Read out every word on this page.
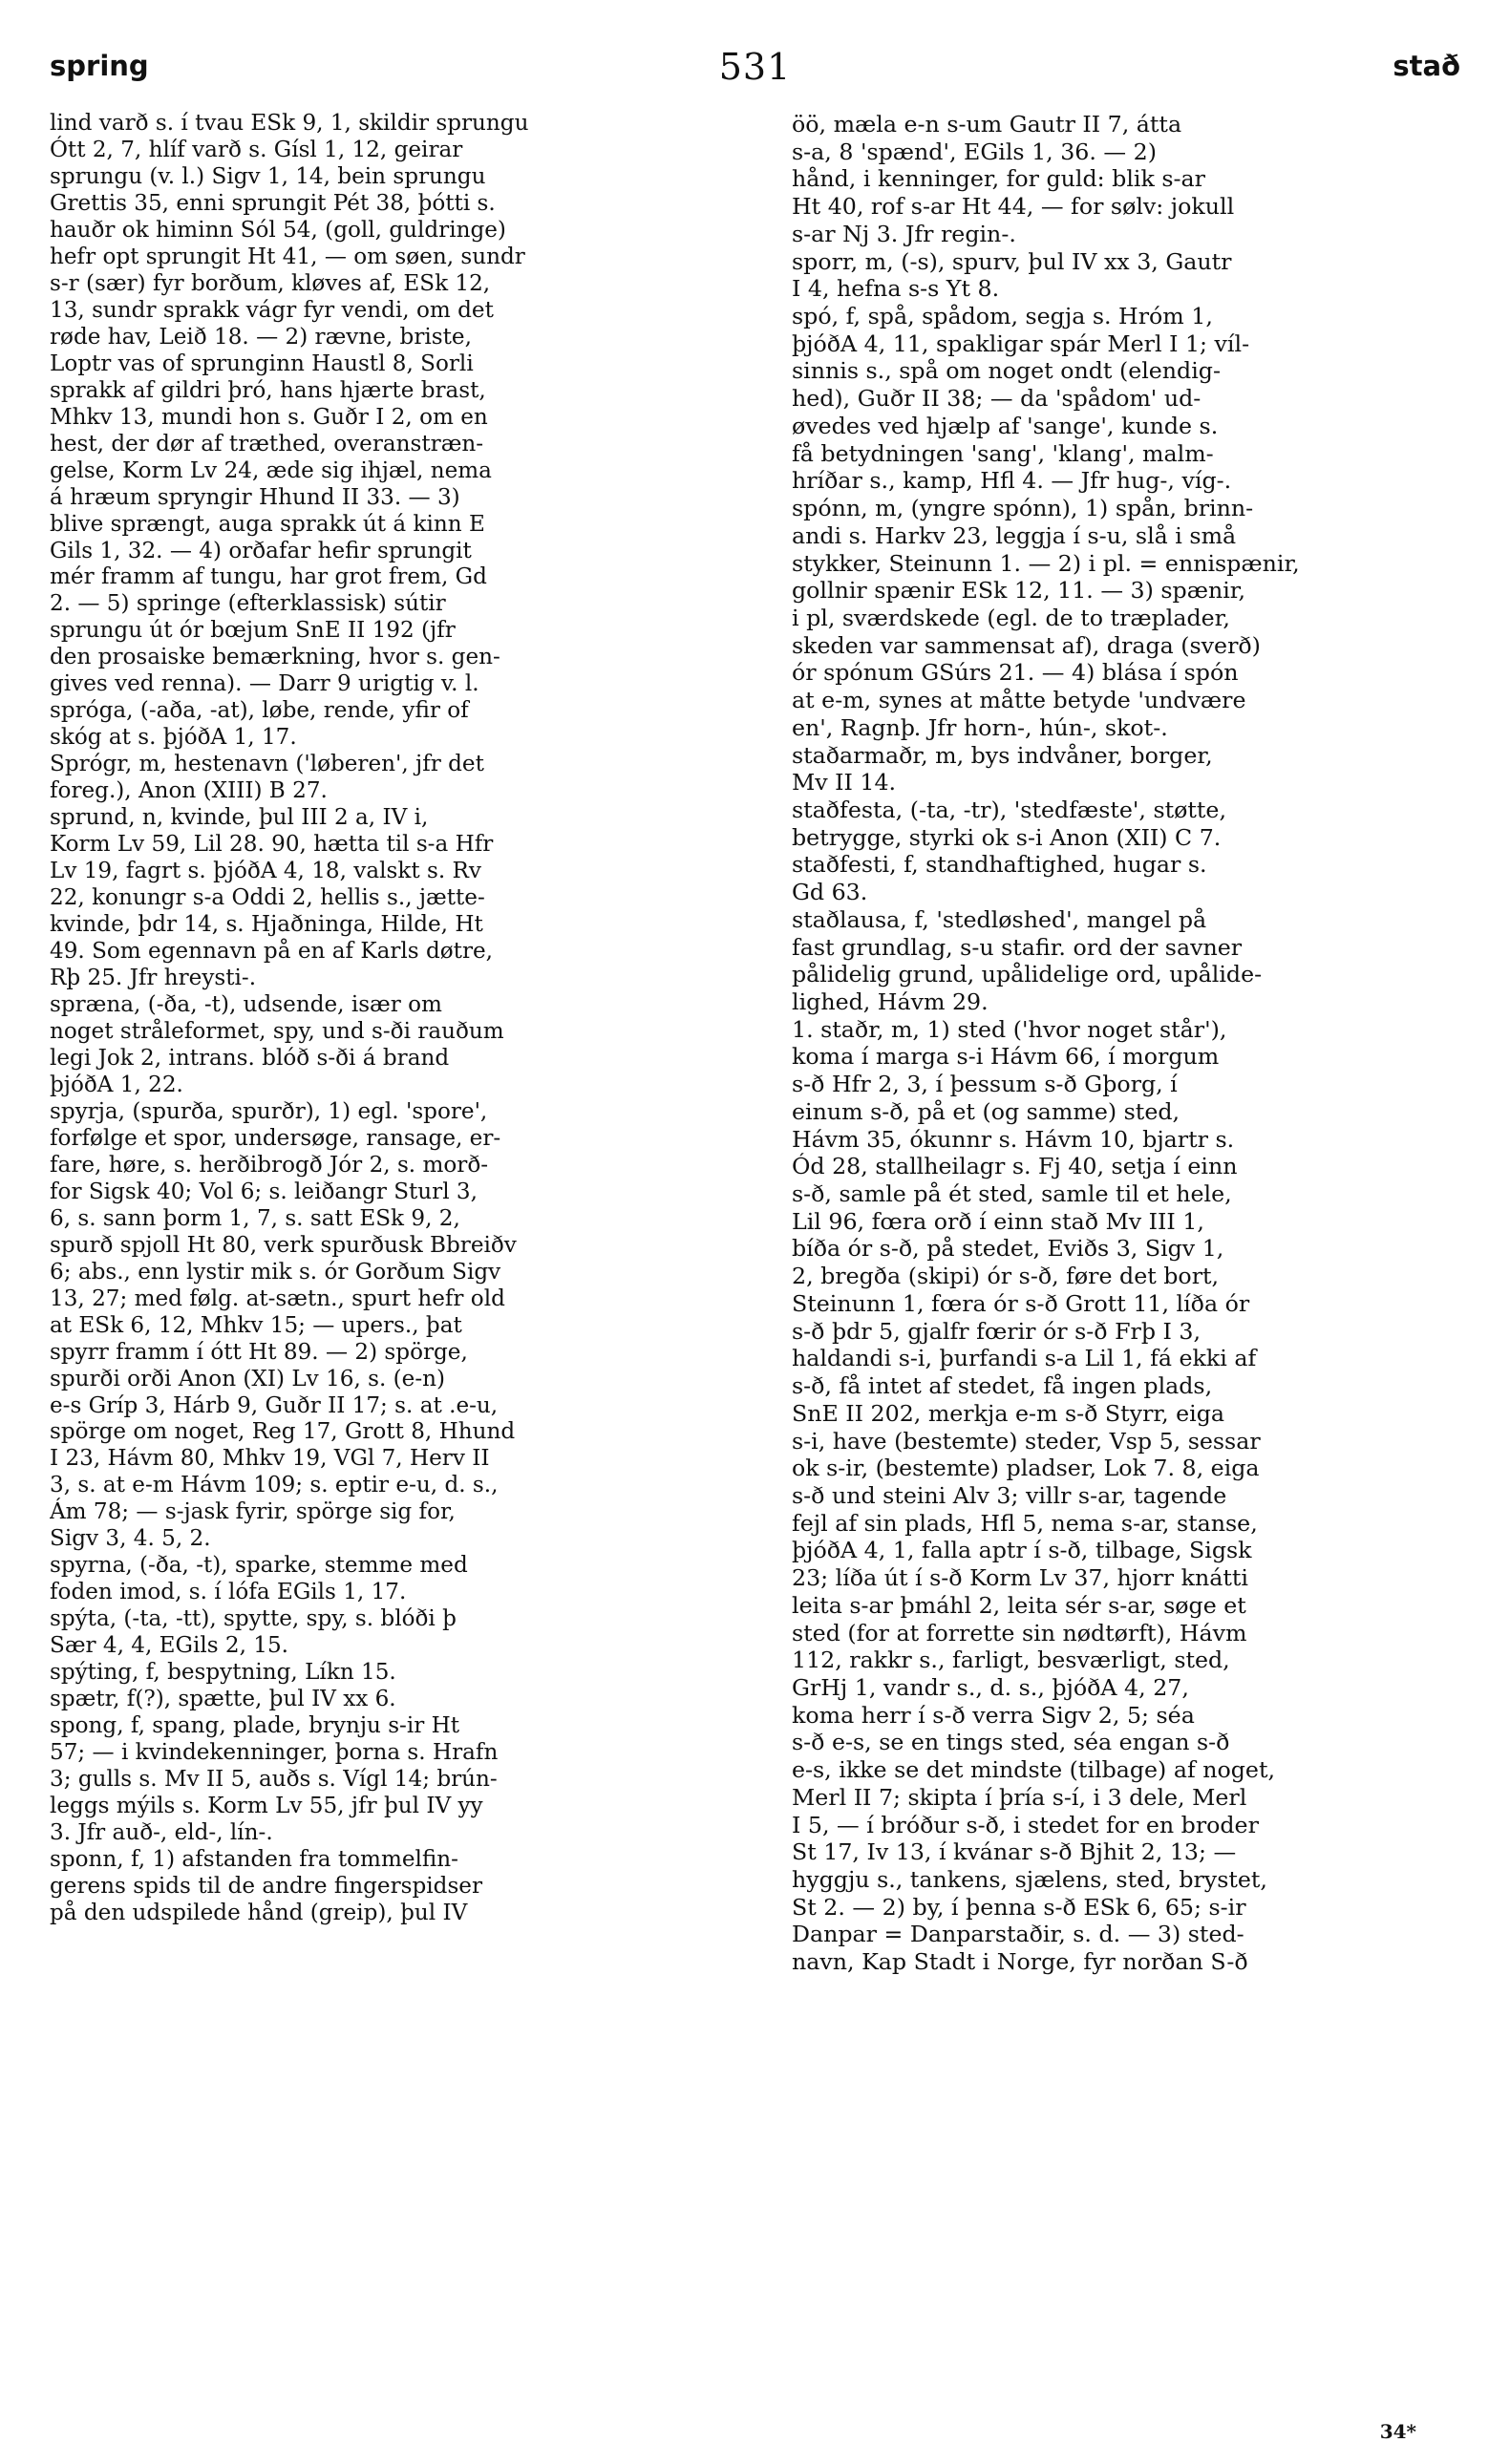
spring	531	stað
lind varð s. í tvau ESk 9, 1, skildir sprungu
Ótt 2, 7, hlíf varð s. Gísl 1, 12, geirar
sprungu (v. l.) Sigv 1, 14, bein sprungu
Grettis 35, enni sprungit Pét 38, þótti s.
hauðr ok himinn Sól 54, (goll, guldringe)
hefr opt sprungit Ht 41, — om søen, sundr
s-r (sær) fyr borðum, kløves af, ESk 12,
13, sundr sprakk vágr fyr vendi, om det
røde hav, Leið 18. — 2) rævne, briste,
Loptr vas of sprunginn Haustl 8, Sorli
sprakk af gildri þró, hans hjærte brast,
Mhkv 13, mundi hon s. Guðr I 2, om en
hest, der dør af træthed, overanstræn-
gelse, Korm Lv 24, æde sig ihjæl, nema
á hræum spryngir Hhund II 33. — 3)
blive sprængt, auga sprakk út á kinn E
Gils 1, 32. — 4) orðafar hefir sprungit
mér framm af tungu, har grot frem, Gd
2. — 5) springe (efterklassisk) sútir
sprungu út ór bœjum SnE II 192 (jfr
den prosaiske bemærkning, hvor s. gen-
gives ved renna). — Darr 9 urigtig v. l.
spróga, (-aða, -at), løbe, rende, yfir of
skóg at s. þjóðA 1, 17.
Sprógr, m, hestenavn ('løberen', jfr det
foreg.), Anon (XIII) B 27.
sprund, n, kvinde, þul III 2 a, IV i,
Korm Lv 59, Lil 28. 90, hætta til s-a Hfr
Lv 19, fagrt s. þjóðA 4, 18, valskt s. Rv
22, konungr s-a Oddi 2, hellis s., jætte-
kvinde, þdr 14, s. Hjaðninga, Hilde, Ht
49. Som egennavn på en af Karls døtre,
Rþ 25. Jfr hreysti-.
spræna, (-ða, -t), udsende, især om
noget stråleformet, spy, und s-ði rauðum
legi Jok 2, intrans. blóð s-ði á brand
þjóðA 1, 22.
spyrja, (spurða, spurðr), 1) egl. 'spore',
forfølge et spor, undersøge, ransage, er-
fare, høre, s. herðibrogð Jór 2, s. morð-
for Sigsk 40; Vol 6; s. leiðangr Sturl 3,
6, s. sann þorm 1, 7, s. satt ESk 9, 2,
spurð spjoll Ht 80, verk spurðusk Bbreiðv
6; abs., enn lystir mik s. ór Gorðum Sigv
13, 27; med følg. at-sætn., spurt hefr old
at ESk 6, 12, Mhkv 15; — upers., þat
spyrr framm í ótt Ht 89. — 2) spörge,
spurði orði Anon (XI) Lv 16, s. (e-n)
e-s Gríp 3, Hárb 9, Guðr II 17; s. at .e-u,
spörge om noget, Reg 17, Grott 8, Hhund
I 23, Hávm 80, Mhkv 19, VGl 7, Herv II
3, s. at e-m Hávm 109; s. eptir e-u, d. s.,
Ám 78; — s-jask fyrir, spörge sig for,
Sigv 3, 4. 5, 2.
spyrna, (-ða, -t), sparke, stemme med
foden imod, s. í lófa EGils 1, 17.
spýta, (-ta, -tt), spytte, spy, s. blóði þ
Sær 4, 4, EGils 2, 15.
spýting, f, bespytning, Líkn 15.
spætr, f(?), spætte, þul IV xx 6.
spong, f, spang, plade, brynju s-ir Ht
57; — i kvindekenninger, þorna s. Hrafn
3; gulls s. Mv II 5, auðs s. Vígl 14; brún-
leggs mýils s. Korm Lv 55, jfr þul IV yy
3. Jfr auð-, eld-, lín-.
sponn, f, 1) afstanden fra tommelfin-
gerens spids til de andre fingerspidser
på den udspilede hånd (greip), þul IV
öö, mæla e-n s-um Gautr II 7, átta
s-a, 8 'spænd', EGils 1, 36. — 2)
hånd, i kenninger, for guld: blik s-ar
Ht 40, rof s-ar Ht 44, — for sølv: jokull
s-ar Nj 3. Jfr regin-.
sporr, m, (-s), spurv, þul IV xx 3, Gautr
I 4, hefna s-s Yt 8.
spó, f, spå, spådom, segja s. Hróm 1,
þjóðA 4, 11, spakligar spár Merl I 1; víl-
sinnis s., spå om noget ondt (elendig-
hed), Guðr II 38; — da 'spådom' ud-
øvedes ved hjælp af 'sange', kunde s.
få betydningen 'sang', 'klang', malm-
hríðar s., kamp, Hfl 4. — Jfr hug-, víg-.
spónn, m, (yngre spónn), 1) spån, brinn-
andi s. Harkv 23, leggja í s-u, slå i små
stykker, Steinunn 1. — 2) i pl. = ennispænir,
gollnir spænir ESk 12, 11. — 3) spænir,
i pl, sværdskede (egl. de to træplader,
skeden var sammensat af), draga (sverð)
ór spónum GSúrs 21. — 4) blása í spón
at e-m, synes at måtte betyde 'undvære
en', Ragnþ. Jfr horn-, hún-, skot-.
staðarmaðr, m, bys indvåner, borger,
Mv II 14.
staðfesta, (-ta, -tr), 'stedfæste', støtte,
betrygge, styrki ok s-i Anon (XII) C 7.
staðfesti, f, standhaftighed, hugar s.
Gd 63.
staðlausa, f, 'stedløshed', mangel på
fast grundlag, s-u stafir. ord der savner
pålidelig grund, upålidelige ord, upålide-
lighed, Hávm 29.
1. staðr, m, 1) sted ('hvor noget står'),
koma í marga s-i Hávm 66, í morgum
s-ð Hfr 2, 3, í þessum s-ð Gþorg, í
einum s-ð, på et (og samme) sted,
Hávm 35, ókunnr s. Hávm 10, bjartr s.
Ód 28, stallheilagr s. Fj 40, setja í einn
s-ð, samle på ét sted, samle til et hele,
Lil 96, fœra orð í einn stað Mv III 1,
bíða ór s-ð, på stedet, Eviðs 3, Sigv 1,
2, bregða (skipi) ór s-ð, føre det bort,
Steinunn 1, fœra ór s-ð Grott 11, líða ór
s-ð þdr 5, gjalfr fœrir ór s-ð Frþ I 3,
haldandi s-i, þurfandi s-a Lil 1, fá ekki af
s-ð, få intet af stedet, få ingen plads,
SnE II 202, merkja e-m s-ð Styrr, eiga
s-i, have (bestemte) steder, Vsp 5, sessar
ok s-ir, (bestemte) pladser, Lok 7. 8, eiga
s-ð und steini Alv 3; villr s-ar, tagende
fejl af sin plads, Hfl 5, nema s-ar, stanse,
þjóðA 4, 1, falla aptr í s-ð, tilbage, Sigsk
23; líða út í s-ð Korm Lv 37, hjorr knátti
leita s-ar þmáhl 2, leita sér s-ar, søge et
sted (for at forrette sin nødtørft), Hávm
112, rakkr s., farligt, besværligt, sted,
GrHj 1, vandr s., d. s., þjóðA 4, 27,
koma herr í s-ð verra Sigv 2, 5; séa
s-ð e-s, se en tings sted, séa engan s-ð
e-s, ikke se det mindste (tilbage) af noget,
Merl II 7; skipta í þría s-í, i 3 dele, Merl
I 5, — í bróður s-ð, i stedet for en broder
St 17, Iv 13, í kvánar s-ð Bjhit 2, 13; —
hyggju s., tankens, sjælens, sted, brystet,
St 2. — 2) by, í þenna s-ð ESk 6, 65; s-ir
Danpar = Danparstaðir, s. d. — 3) sted-
navn, Kap Stadt i Norge, fyr norðan S-ð
34*
